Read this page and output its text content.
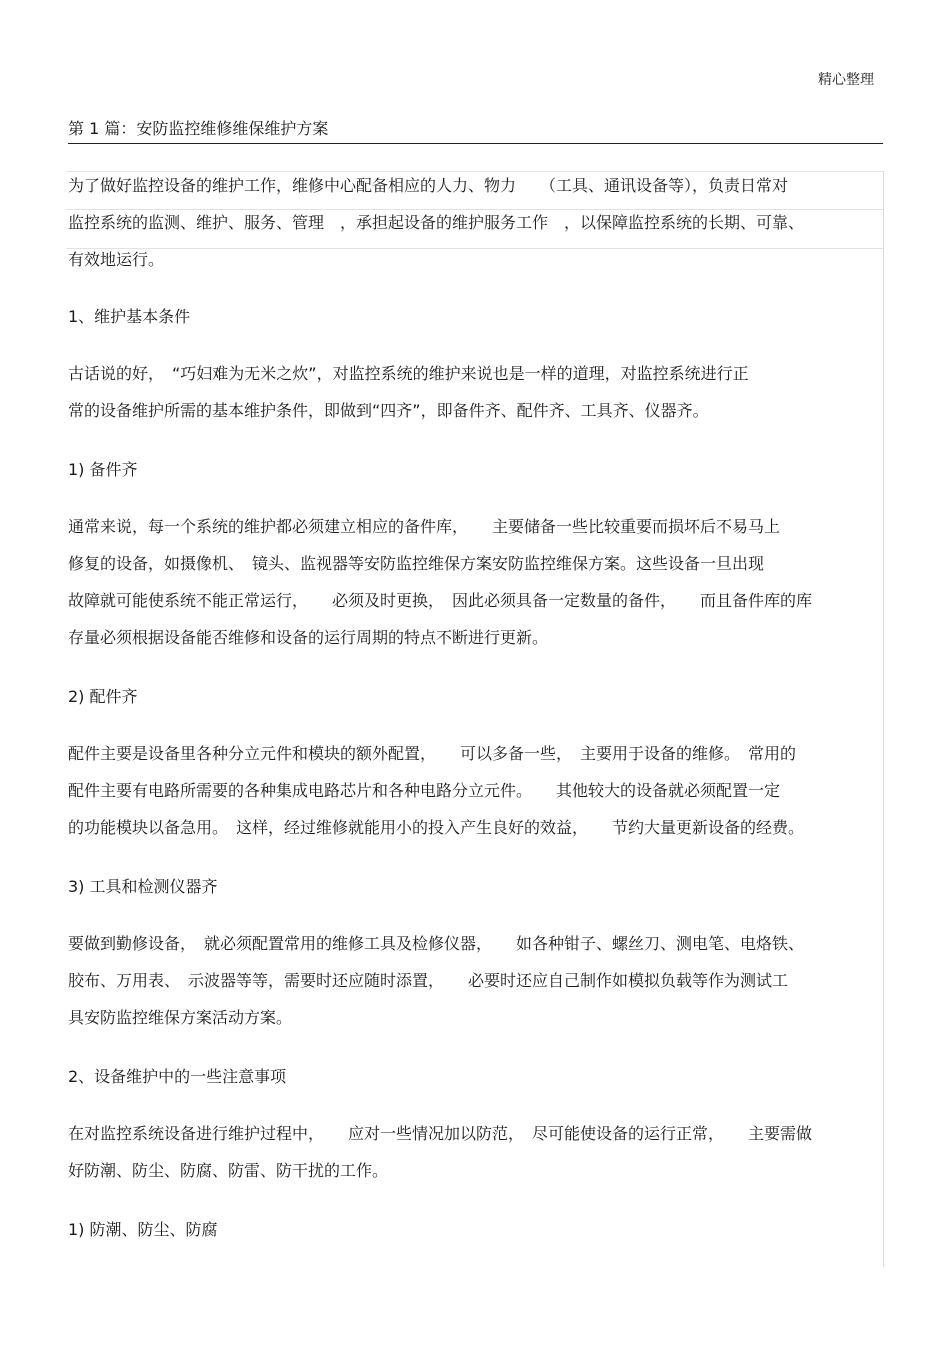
精心整理
第 1 篇：安防监控维修维保维护方案
为了做好监控设备的维护工作，维修中心配备相应的人力、物力　　（工具、通讯设备等），负责日常对
监控系统的监测、维护、服务、管理　，承担起设备的维护服务工作　，以保障监控系统的长期、可靠、
有效地运行。
1、维护基本条件
古话说的好，　“巧妇难为无米之炊”，对监控系统的维护来说也是一样的道理，对监控系统进行正
常的设备维护所需的基本维护条件，即做到“四齐”，即备件齐、配件齐、工具齐、仪器齐。
1) 备件齐
通常来说，每一个系统的维护都必须建立相应的备件库，　　主要储备一些比较重要而损坏后不易马上
修复的设备，如摄像机、　镜头、监视器等安防监控维保方案安防监控维保方案。这些设备一旦出现
故障就可能使系统不能正常运行，　　必须及时更换，　因此必须具备一定数量的备件，　　而且备件库的库
存量必须根据设备能否维修和设备的运行周期的特点不断进行更新。
2) 配件齐
配件主要是设备里各种分立元件和模块的额外配置，　　可以多备一些，　主要用于设备的维修。　常用的
配件主要有电路所需要的各种集成电路芯片和各种电路分立元件。　　其他较大的设备就必须配置一定
的功能模块以备急用。　这样，经过维修就能用小的投入产生良好的效益，　　节约大量更新设备的经费。
3) 工具和检测仪器齐
要做到勤修设备，　就必须配置常用的维修工具及检修仪器，　　如各种钳子、螺丝刀、测电笔、电烙铁、
胶布、万用表、　示波器等等，需要时还应随时添置，　　必要时还应自己制作如模拟负载等作为测试工
具安防监控维保方案活动方案。
2、设备维护中的一些注意事项
在对监控系统设备进行维护过程中，　　应对一些情况加以防范，　尽可能使设备的运行正常，　　主要需做
好防潮、防尘、防腐、防雷、防干扰的工作。
1) 防潮、防尘、防腐
